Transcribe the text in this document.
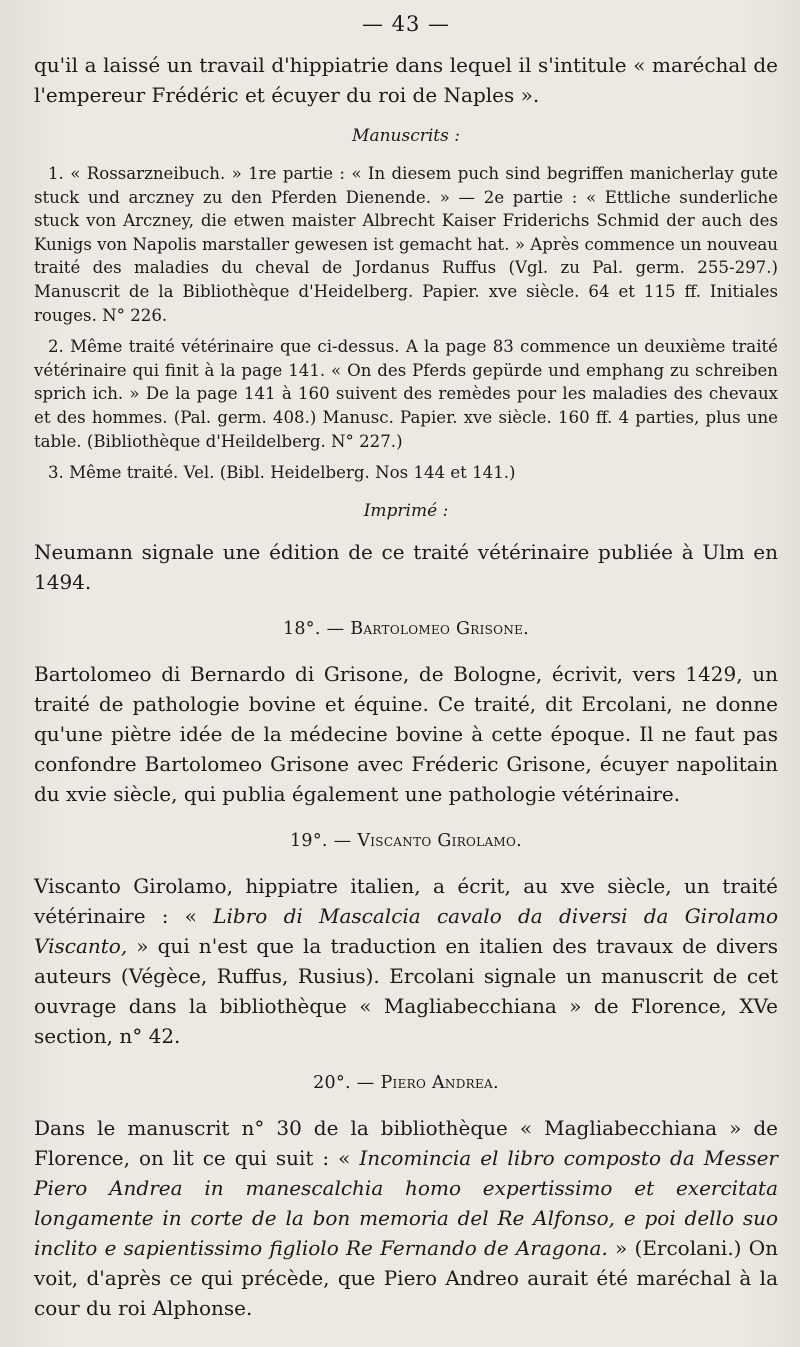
— 43 —

qu'il a laissé un travail d'hippiatrie dans lequel il s'intitule « maréchal de l'empereur Frédéric et écuyer du roi de Naples ».

Manuscrits :

1. « Rossarzneibuch. » 1re partie : « In diesem puch sind begriffen manicherlay gute stuck und arczney zu den Pferden Dienende. » — 2e partie : « Ettliche sunderliche stuck von Arczney, die etwen maister Albrecht Kaiser Friderichs Schmid der auch des Kunigs von Napolis marstaller gewesen ist gemacht hat. » Après commence un nouveau traité des maladies du cheval de Jordanus Ruffus (Vgl. zu Pal. germ. 255-297.) Manuscrit de la Bibliothèque d'Heidelberg. Papier. xve siècle. 64 et 115 ff. Initiales rouges. N° 226.

2. Même traité vétérinaire que ci-dessus. A la page 83 commence un deuxième traité vétérinaire qui finit à la page 141. « On des Pferds gepürde und emphang zu schreiben sprich ich. » De la page 141 à 160 suivent des remèdes pour les maladies des chevaux et des hommes. (Pal. germ. 408.) Manusc. Papier. xve siècle. 160 ff. 4 parties, plus une table. (Bibliothèque d'Heildelberg. N° 227.)

3. Même traité. Vel. (Bibl. Heidelberg. Nos 144 et 141.)

Imprimé :

Neumann signale une édition de ce traité vétérinaire publiée à Ulm en 1494.

18°. — Bartolomeo Grisone.

Bartolomeo di Bernardo di Grisone, de Bologne, écrivit, vers 1429, un traité de pathologie bovine et équine. Ce traité, dit Ercolani, ne donne qu'une piètre idée de la médecine bovine à cette époque. Il ne faut pas confondre Bartolomeo Grisone avec Fréderic Grisone, écuyer napolitain du xvie siècle, qui publia également une pathologie vétérinaire.

19°. — Viscanto Girolamo.

Viscanto Girolamo, hippiatre italien, a écrit, au xve siècle, un traité vétérinaire : « Libro di Mascalcia cavalo da diversi da Girolamo Viscanto, » qui n'est que la traduction en italien des travaux de divers auteurs (Végèce, Ruffus, Rusius). Ercolani signale un manuscrit de cet ouvrage dans la bibliothèque « Magliabecchiana » de Florence, XVe section, n° 42.

20°. — Piero Andrea.

Dans le manuscrit n° 30 de la bibliothèque « Magliabecchiana » de Florence, on lit ce qui suit : « Incomincia el libro composto da Messer Piero Andrea in manescalchia homo expertissimo et exercitata longamente in corte de la bon memoria del Re Alfonso, e poi dello suo inclito e sapientissimo figliolo Re Fernando de Aragona. » (Ercolani.) On voit, d'après ce qui précède, que Piero Andreo aurait été maréchal à la cour du roi Alphonse.
